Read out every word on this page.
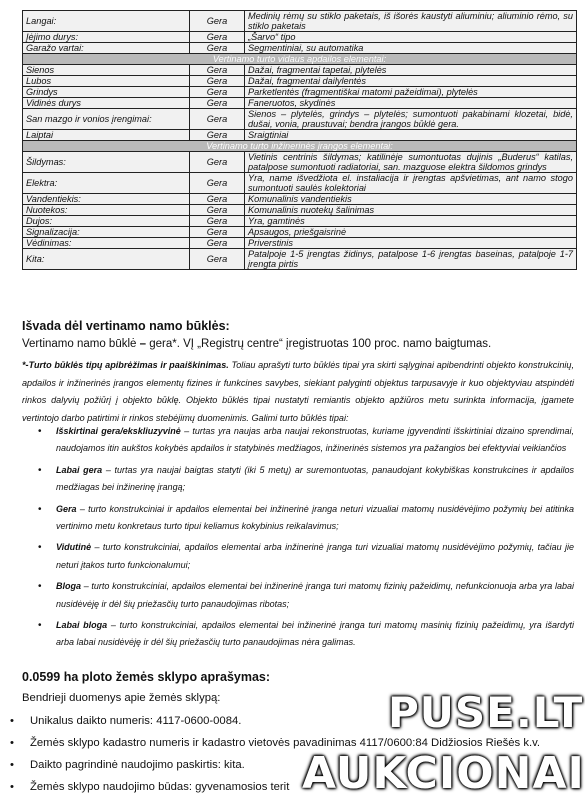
Langai:	Gera	Medinių rėmų su stiklo paketais, iš išorės kaustyti aliuminiu; aliuminio rėmo, su stiklo paketais
Įėjimo durys:	Gera	„Šarvo“ tipo
Garažo vartai:	Gera	Segmentiniai, su automatika
Vertinamo turto vidaus apdailos elementai:		
Sienos	Gera	Dažai, fragmentai tapetai, plytelės
Lubos	Gera	Dažai, fragmentai dailylentės
Grindys	Gera	Parketlentės (fragmentiškai matomi pažeidimai), plytelės
Vidinės durys	Gera	Faneruotos, skydinės
San mazgo ir vonios įrengimai:	Gera	Sienos – plytelės, grindys – plytelės; sumontuoti pakabinami klozetai, bidė, dušai, vonia, praustuvai; bendra įrangos būklė gera.
Laiptai	Gera	Sraigtiniai
Vertinamo turto inžinerinės įrangos elementai:		
Šildymas:	Gera	Vietinis centrinis šildymas; katilinėje sumontuotas dujinis „Buderus“ katilas, patalpose sumontuoti radiatoriai, san. mazguose elektra šildomos grindys
Elektra:	Gera	Yra, name išvedžiota el. instaliacija ir įrengtas apšvietimas, ant namo stogo sumontuoti saulės kolektoriai
Vandentiekis:	Gera	Komunalinis vandentiekis
Nuotekos:	Gera	Komunalinis nuotekų šalinimas
Dujos:	Gera	Yra, gamtinės
Signalizacija:	Gera	Apsaugos, priešgaisrinė
Vėdinimas:	Gera	Priverstinis
Kita:	Gera	Patalpoje 1-5 įrengtas židinys, patalpose 1-6 įrengtas baseinas, patalpoje 1-7 įrengta pirtis
Išvada dėl vertinamo namo būklės:
Vertinamo namo būklė – gera*. VĮ „Registrų centre“ įregistruotas 100 proc. namo baigtumas.
*-Turto būklės tipų apibrėžimas ir paaiškinimas. Toliau aprašyti turto būklės tipai yra skirti sąlyginai apibendrinti objekto konstrukcinių, apdailos ir inžinerinės įrangos elementų fizines ir funkcines savybes, siekiant palyginti objektus tarpusavyje ir kuo objektyviau atspindėti rinkos dalyvių požiūrį į objekto būklę. Objekto būklės tipai nustatyti remiantis objekto apžiūros metu surinkta informacija, įgamete vertintojo darbo patirtimi ir rinkos stebėjimų duomenimis. Galimi turto būklės tipai:
• Išskirtinai gera/ekskliuzyvinė – turtas yra naujas arba naujai rekonstruotas, kuriame įgyvendinti išskirtiniai dizaino sprendimai, naudojamos itin aukštos kokybės apdailos ir statybinės medžiagos, inžinerinės sistemos yra pažangios bei efektyviai veikiančios
• Labai gera – turtas yra naujai baigtas statyti (iki 5 metų) ar suremontuotas, panaudojant kokybiškas konstrukcines ir apdailos medžiagas bei inžinerinę įrangą;
• Gera – turto konstrukciniai ir apdailos elementai bei inžinerinė įranga neturi vizualiai matomų nusidėvėjimo požymių bei atitinka vertinimo metu konkretaus turto tipui keliamus kokybinius reikalavimus;
• Vidutinė – turto konstrukciniai, apdailos elementai arba inžinerinė įranga turi vizualiai matomų nusidėvėjimo požymių, tačiau jie neturi įtakos turto funkcionalumui;
• Bloga – turto konstrukciniai, apdailos elementai bei inžinerinė įranga turi matomų fizinių pažeidimų, nefunkcionuoja arba yra labai nusidėvėję ir dėl šių priežasčių turto panaudojimas ribotas;
• Labai bloga – turto konstrukciniai, apdailos elementai bei inžinerinė įranga turi matomų masinių fizinių pažeidimų, yra išardyti arba labai nusidėvėję ir dėl šių priežasčių turto panaudojimas nėra galimas.
0.0599 ha ploto žemės sklypo aprašymas:
Bendrieji duomenys apie žemės sklypą:
• Unikalus daikto numeris: 4117-0600-0084.
• Žemės sklypo kadastro numeris ir kadastro vietovės pavadinimas 4117/0600:84 Didžiosios Riešės k.v.
• Daikto pagrindinė naudojimo paskirtis: kita.
• Žemės sklypo naudojimo būdas: gyvenamosios terit
PUSE.LT
AUKCIONAI
